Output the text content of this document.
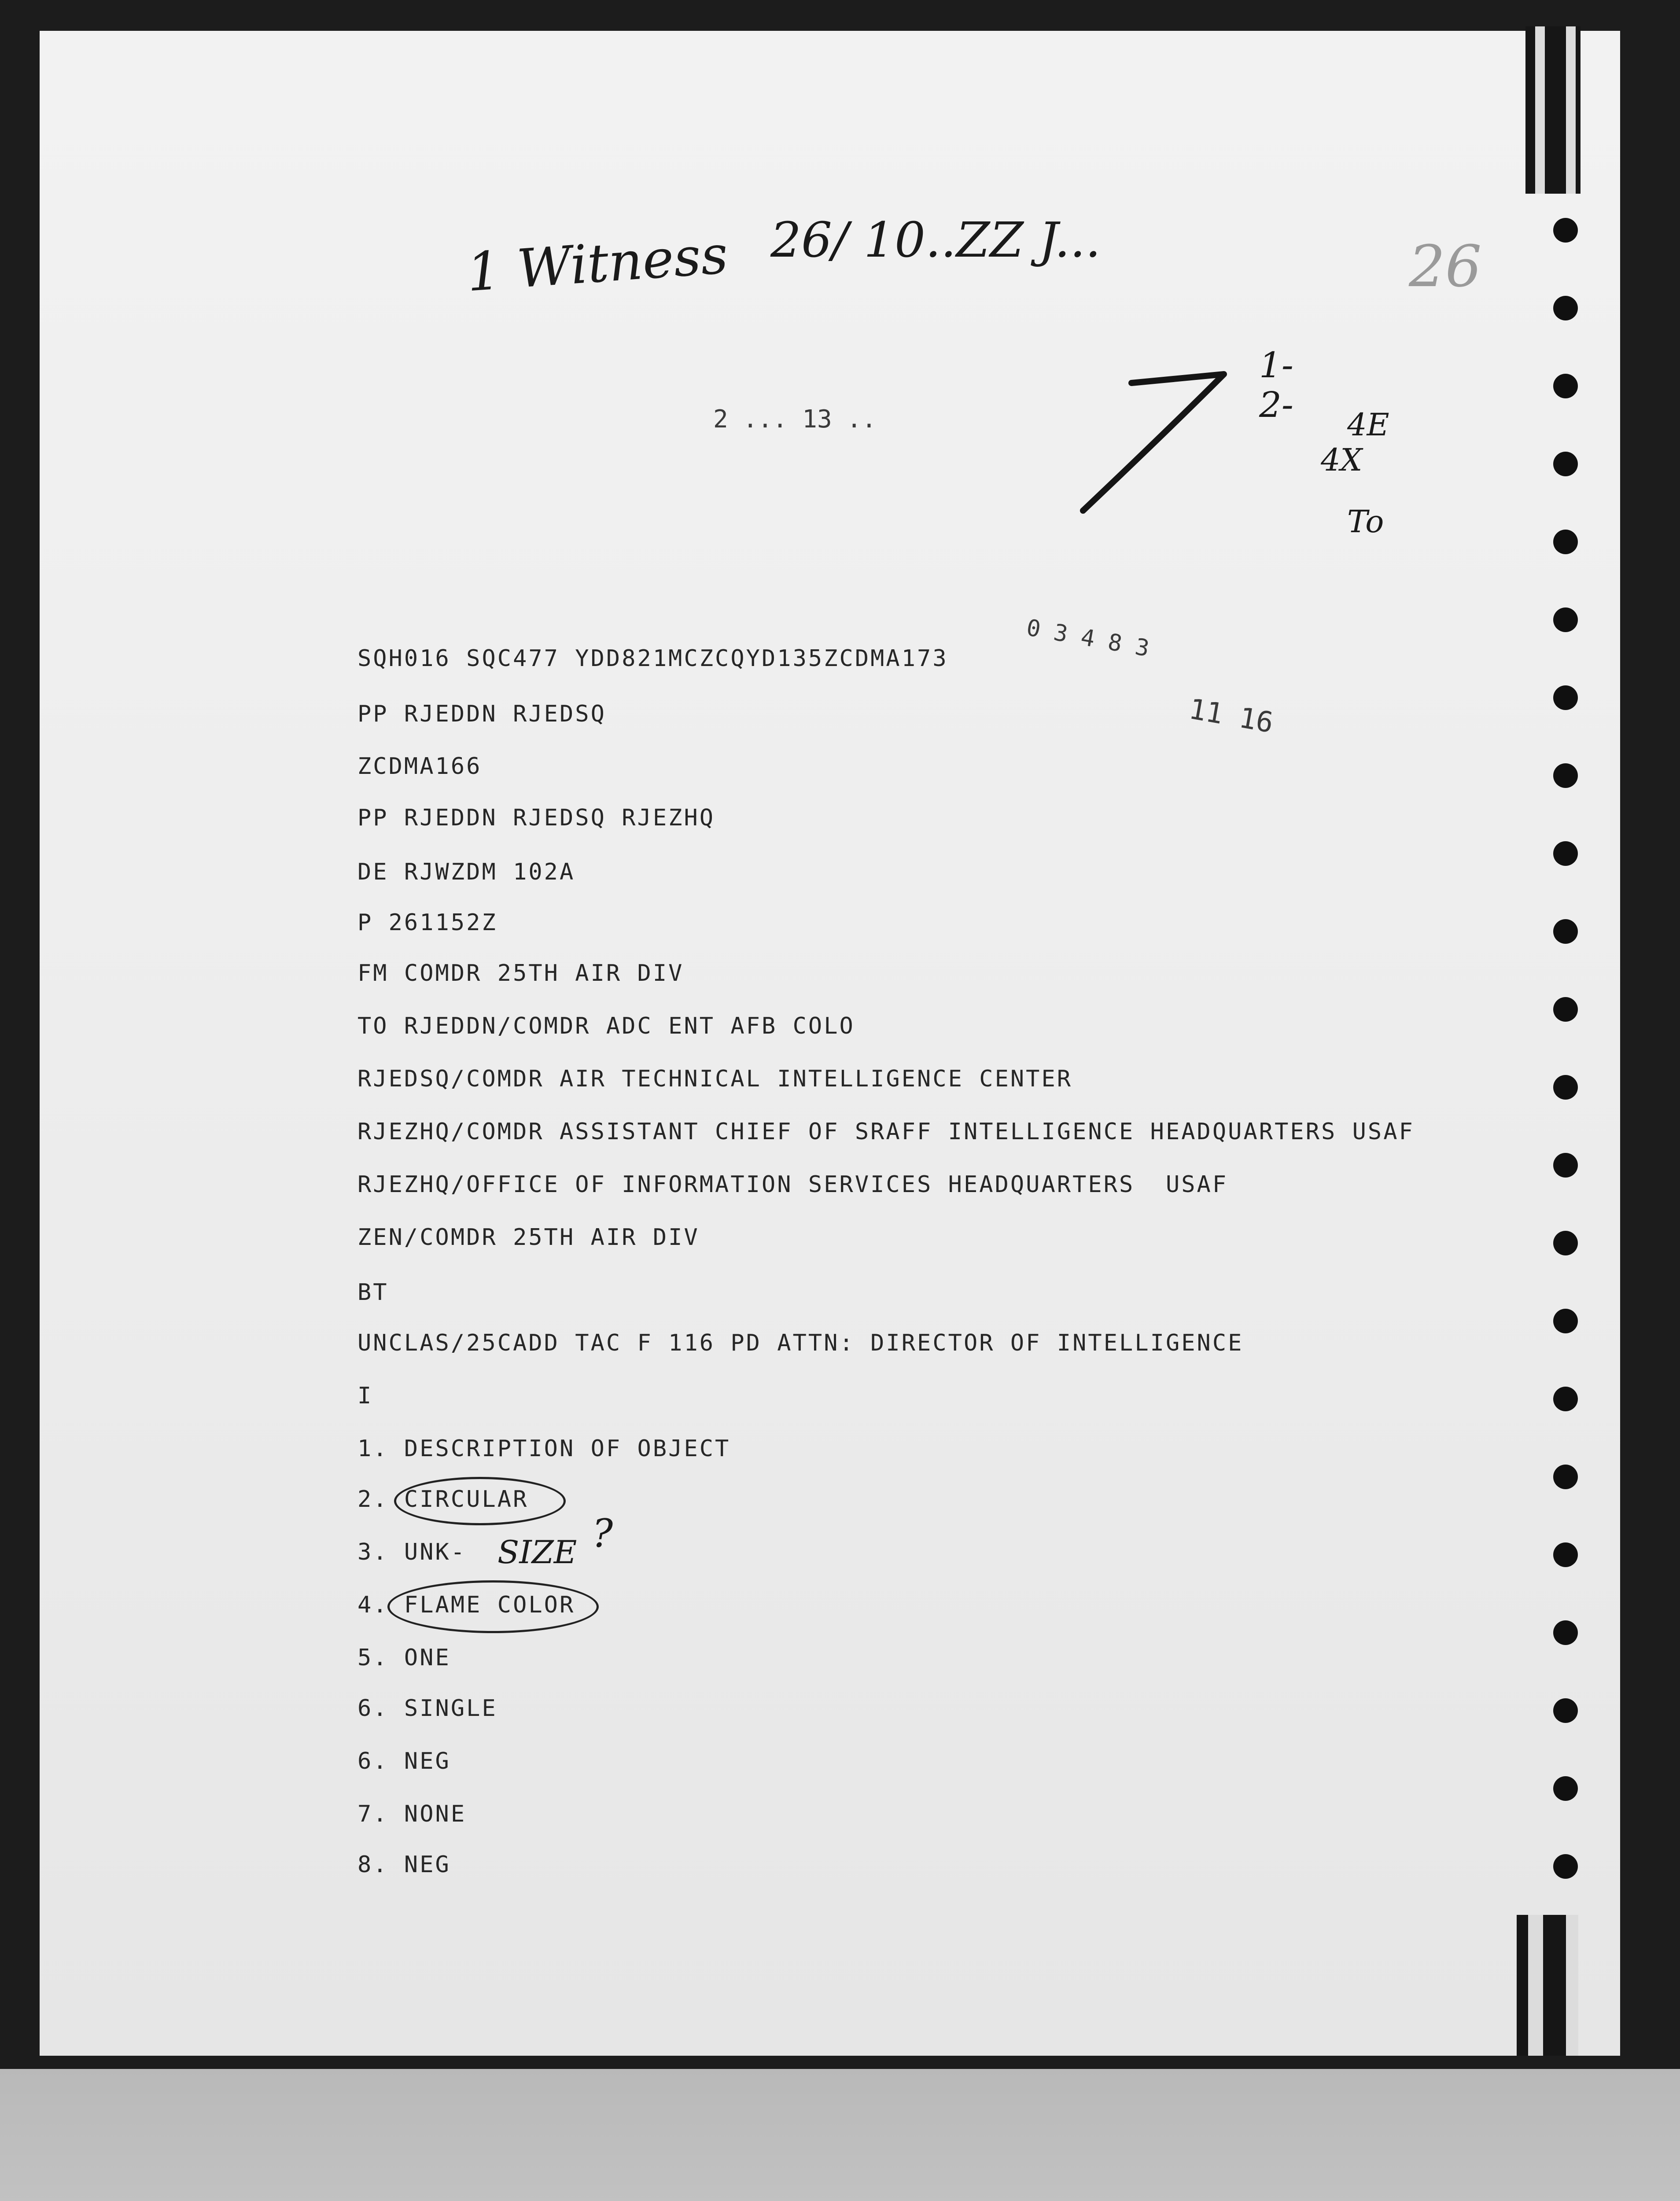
1 Witness 26/ 10..ZZ J...	26
1-
2- 4E
4X
To
2 ... 13 ..
0 3 4 8 3
11 16
SQH016 SQC477 YDD821MCZCQYD135ZCDMA173
PP RJEDDN RJEDSQ
ZCDMA166
PP RJEDDN RJEDSQ RJEZHQ
DE RJWZDM 102A
P 261152Z
FM COMDR 25TH AIR DIV
TO RJEDDN/COMDR ADC ENT AFB COLO
RJEDSQ/COMDR AIR TECHNICAL INTELLIGENCE CENTER
RJEZHQ/COMDR ASSISTANT CHIEF OF SRAFF INTELLIGENCE HEADQUARTERS USAF
RJEZHQ/OFFICE OF INFORMATION SERVICES HEADQUARTERS  USAF
ZEN/COMDR 25TH AIR DIV
BT
UNCLAS/25CADD TAC F 116 PD ATTN: DIRECTOR OF INTELLIGENCE
I
1. DESCRIPTION OF OBJECT
2. CIRCULAR
3. UNK-
4. FLAME COLOR
5. ONE
6. SINGLE
6. NEG
7. NONE
8. NEG
SIZE ?
